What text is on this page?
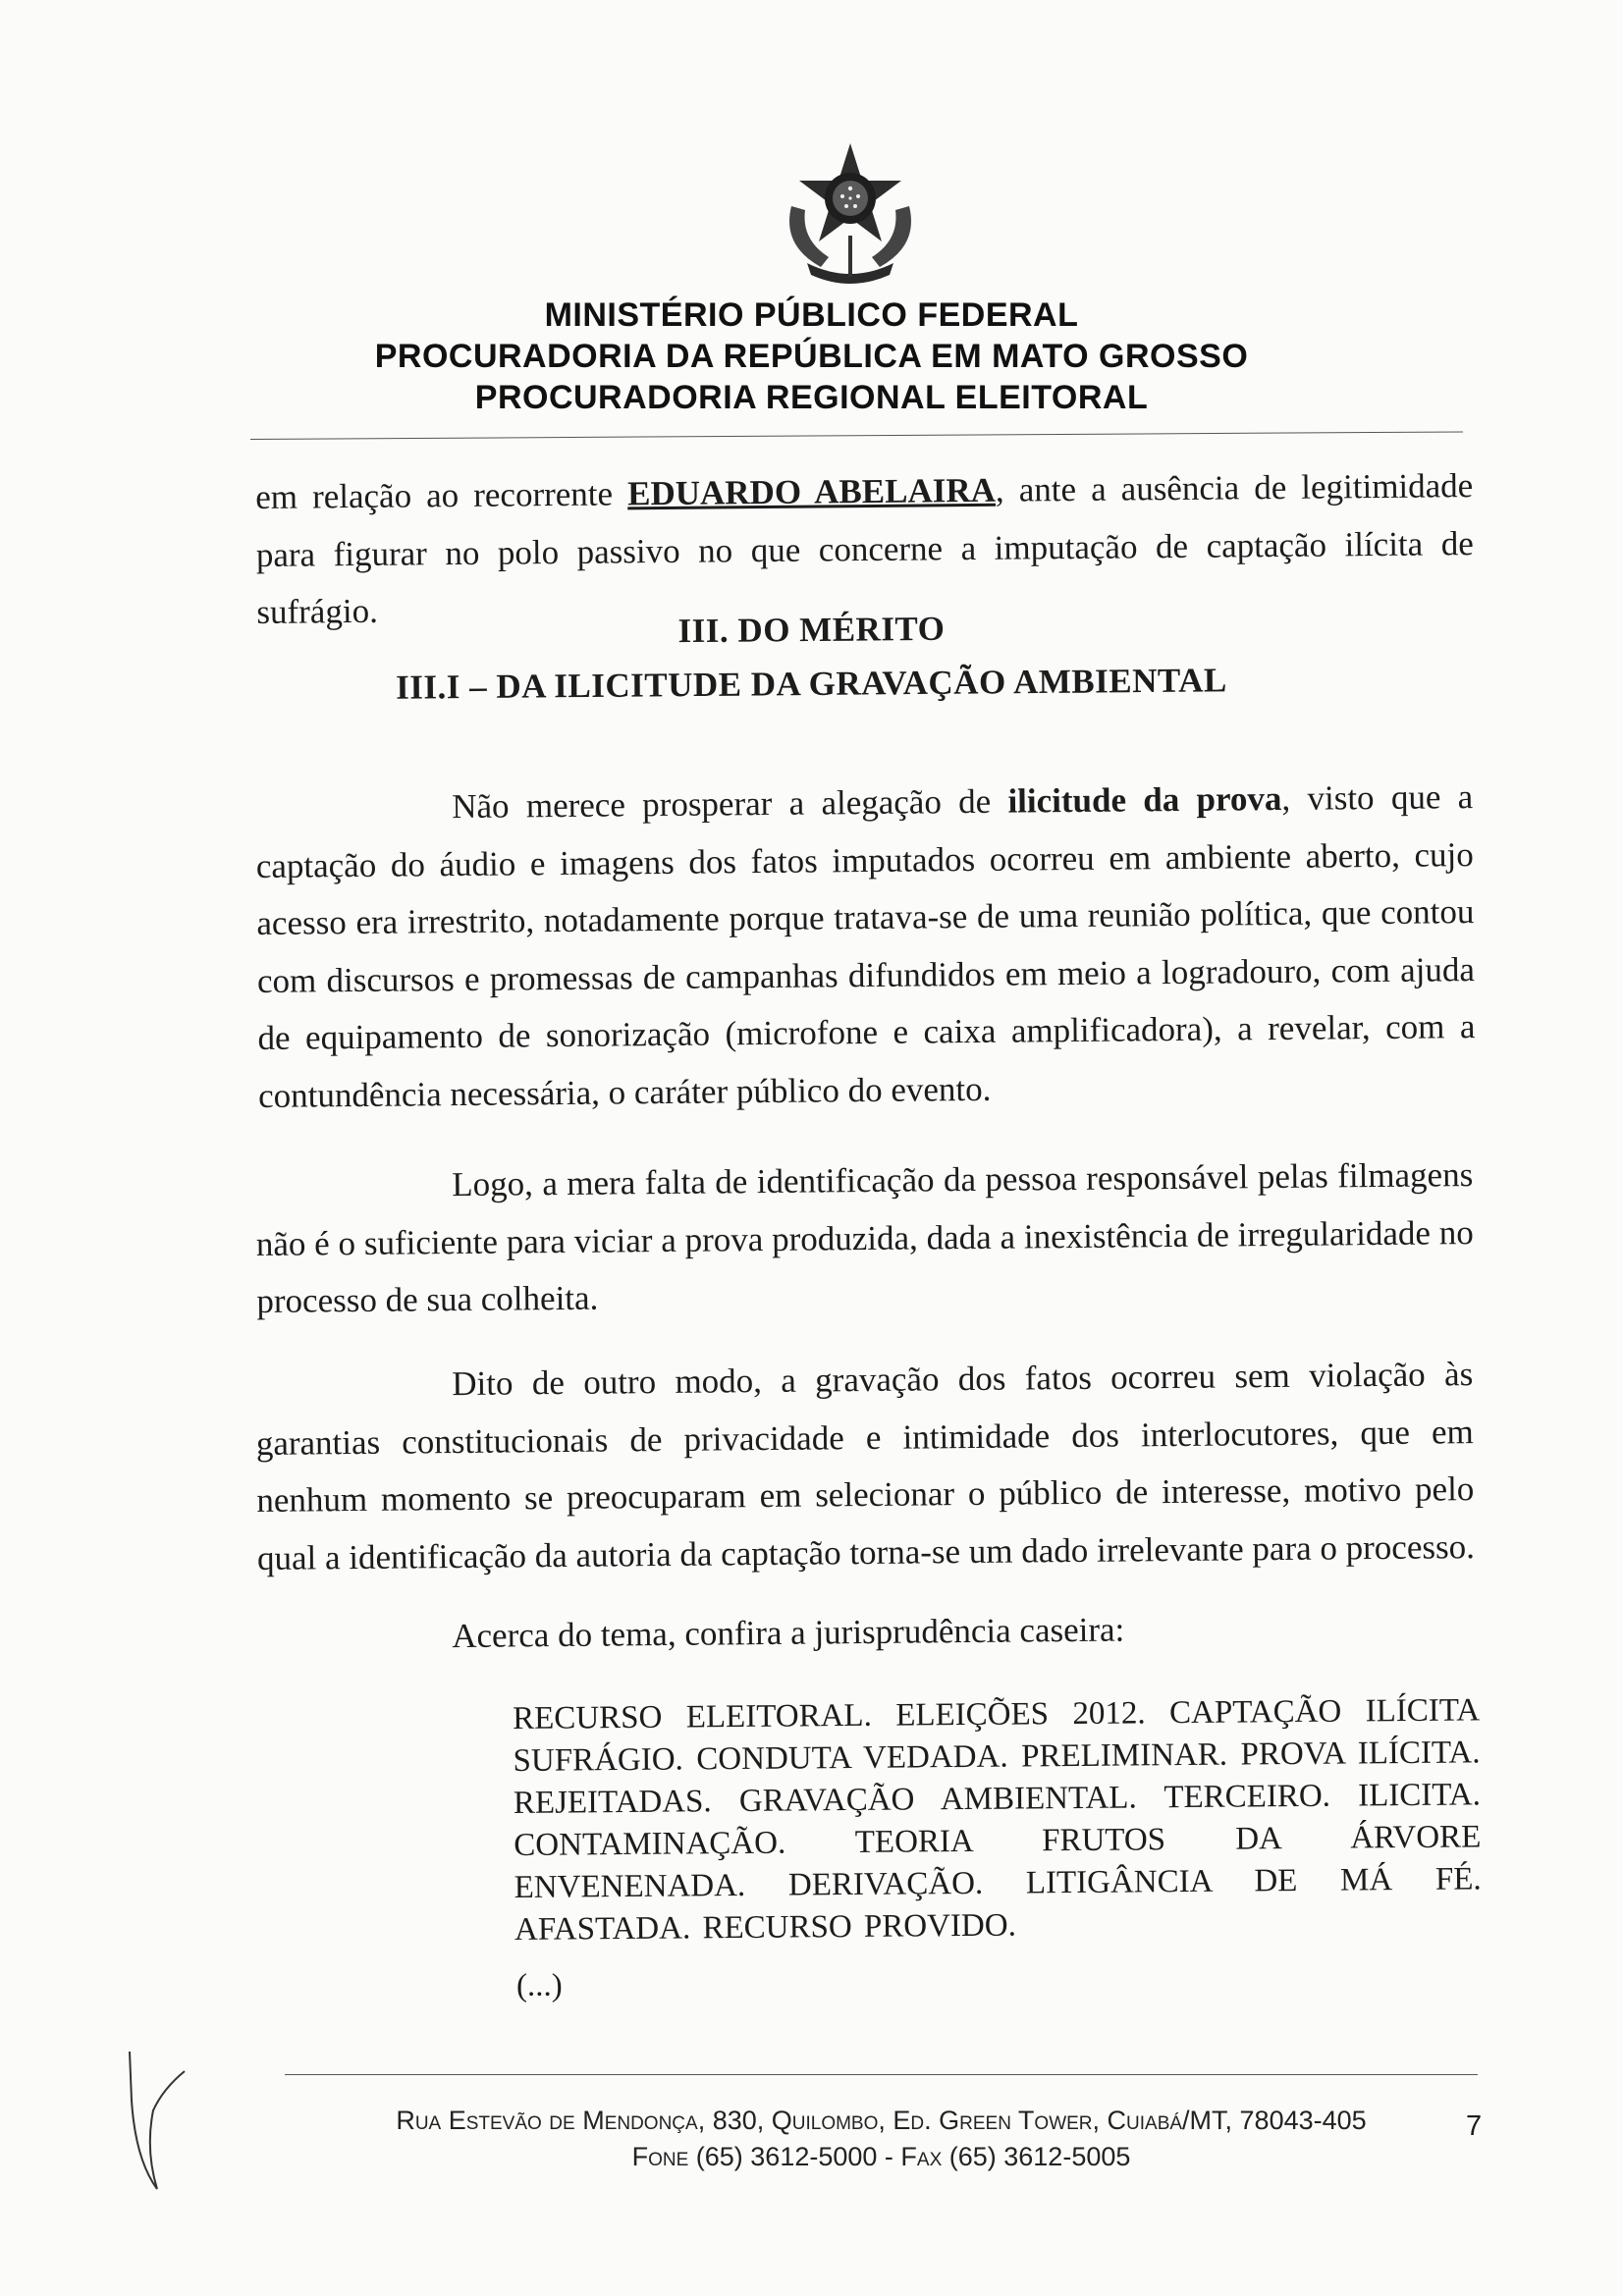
MINISTÉRIO PÚBLICO FEDERAL
PROCURADORIA DA REPÚBLICA EM MATO GROSSO
PROCURADORIA REGIONAL ELEITORAL
em relação ao recorrente EDUARDO ABELAIRA, ante a ausência de legitimidade para figurar no polo passivo no que concerne a imputação de captação ilícita de sufrágio.	III. DO MÉRITO
III.I – DA ILICITUDE DA GRAVAÇÃO AMBIENTAL
Não merece prosperar a alegação de ilicitude da prova, visto que a captação do áudio e imagens dos fatos imputados ocorreu em ambiente aberto, cujo acesso era irrestrito, notadamente porque tratava-se de uma reunião política, que contou com discursos e promessas de campanhas difundidos em meio a logradouro, com ajuda de equipamento de sonorização (microfone e caixa amplificadora), a revelar, com a contundência necessária, o caráter público do evento.
Logo, a mera falta de identificação da pessoa responsável pelas filmagens não é o suficiente para viciar a prova produzida, dada a inexistência de irregularidade no processo de sua colheita.
Dito de outro modo, a gravação dos fatos ocorreu sem violação às garantias constitucionais de privacidade e intimidade dos interlocutores, que em nenhum momento se preocuparam em selecionar o público de interesse, motivo pelo qual a identificação da autoria da captação torna-se um dado irrelevante para o processo.
Acerca do tema, confira a jurisprudência caseira:
RECURSO ELEITORAL. ELEIÇÕES 2012. CAPTAÇÃO ILÍCITA SUFRÁGIO. CONDUTA VEDADA. PRELIMINAR. PROVA ILÍCITA. REJEITADAS. GRAVAÇÃO AMBIENTAL. TERCEIRO. ILICITA. CONTAMINAÇÃO. TEORIA FRUTOS DA ÁRVORE ENVENENADA. DERIVAÇÃO. LITIGÂNCIA DE MÁ FÉ. AFASTADA. RECURSO PROVIDO.
(...)
Rua Estevão de Mendonça, 830, Quilombo, Ed. Green Tower, Cuiabá/MT, 78043-405
Fone (65) 3612-5000 - Fax (65) 3612-5005
7
